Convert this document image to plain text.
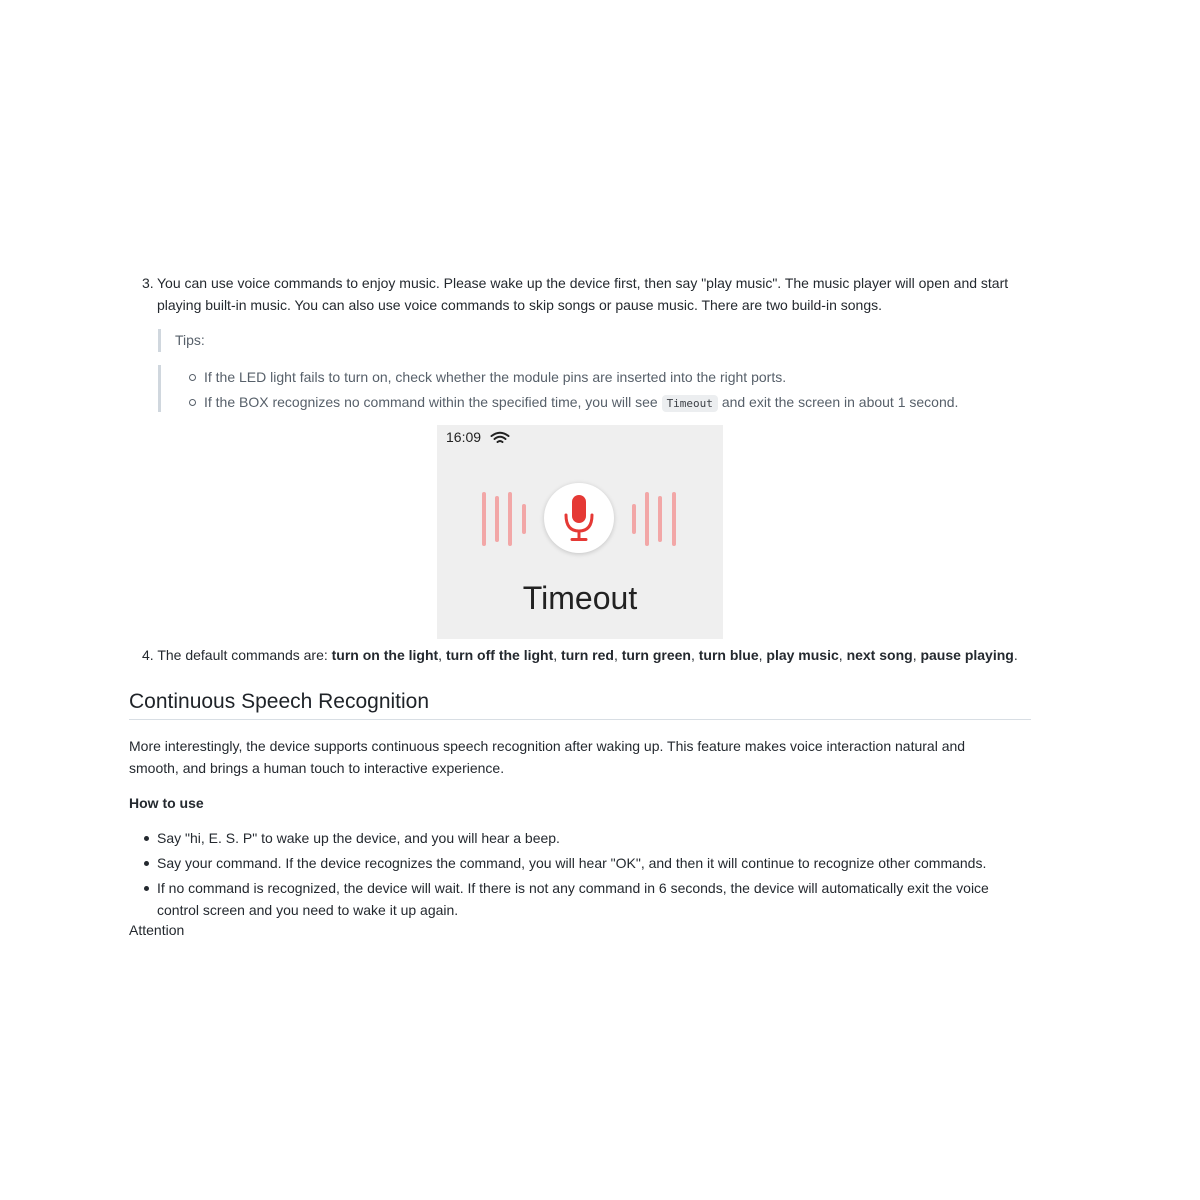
3. You can use voice commands to enjoy music. Please wake up the device first, then say "play music". The music player will open and start playing built-in music. You can also use voice commands to skip songs or pause music. There are two build-in songs.
Tips:
If the LED light fails to turn on, check whether the module pins are inserted into the right ports.
If the BOX recognizes no command within the specified time, you will see Timeout and exit the screen in about 1 second.
16:09
Timeout
4. The default commands are: turn on the light, turn off the light, turn red, turn green, turn blue, play music, next song, pause playing.
Continuous Speech Recognition
More interestingly, the device supports continuous speech recognition after waking up. This feature makes voice interaction natural and smooth, and brings a human touch to interactive experience.
How to use
Say "hi, E. S. P" to wake up the device, and you will hear a beep.
Say your command. If the device recognizes the command, you will hear "OK", and then it will continue to recognize other commands.
If no command is recognized, the device will wait. If there is not any command in 6 seconds, the device will automatically exit the voice control screen and you need to wake it up again.
Attention
